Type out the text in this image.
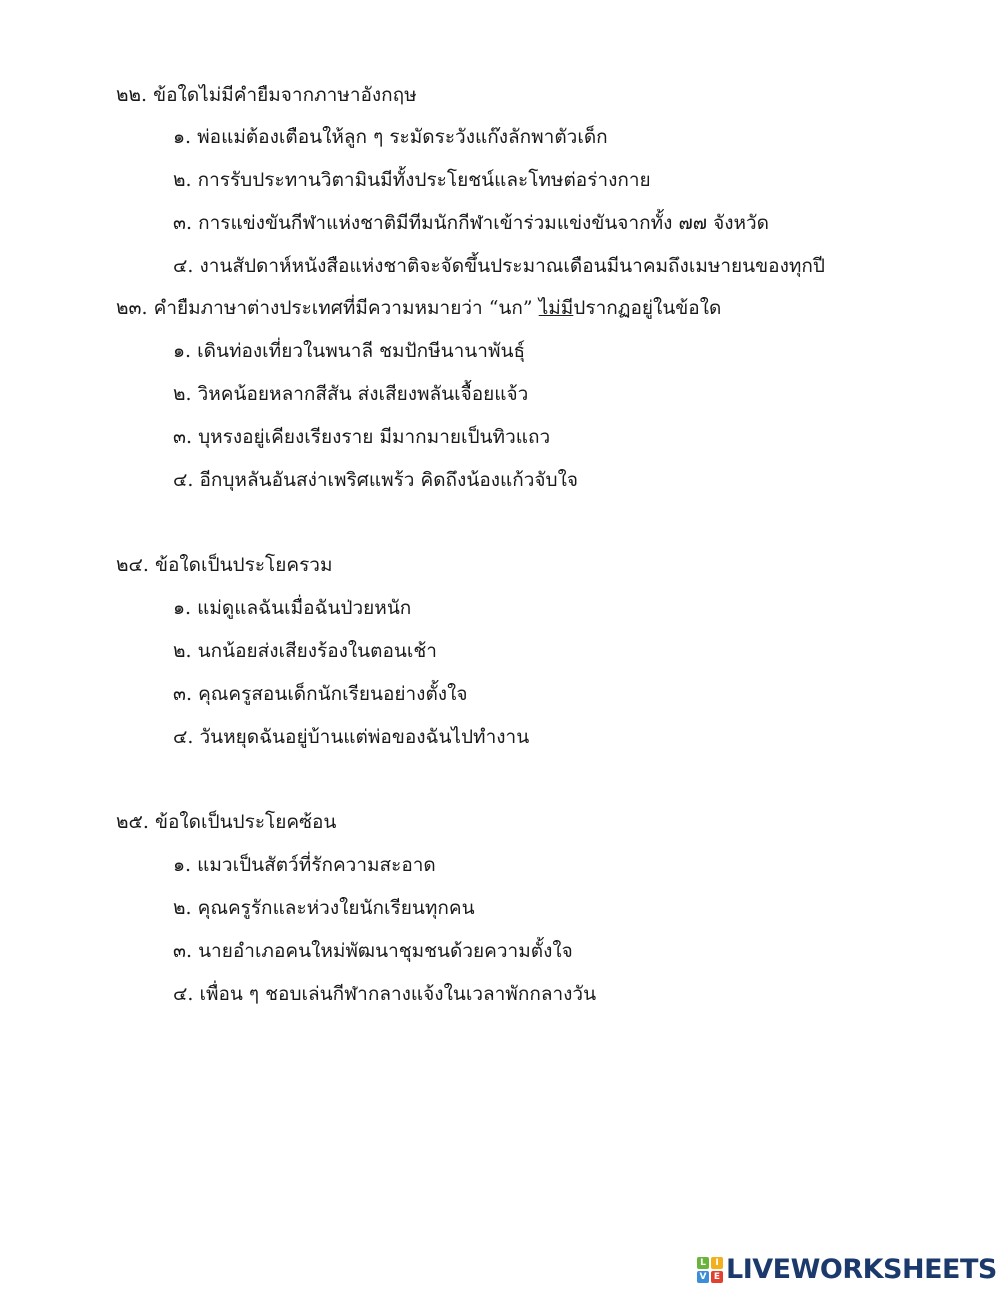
๒๒. ข้อใดไม่มีคำยืมจากภาษาอังกฤษ
๑. พ่อแม่ต้องเตือนให้ลูก ๆ ระมัดระวังแก๊งลักพาตัวเด็ก
๒. การรับประทานวิตามินมีทั้งประโยชน์และโทษต่อร่างกาย
๓. การแข่งขันกีฬาแห่งชาติมีทีมนักกีฬาเข้าร่วมแข่งขันจากทั้ง ๗๗ จังหวัด
๔. งานสัปดาห์หนังสือแห่งชาติจะจัดขึ้นประมาณเดือนมีนาคมถึงเมษายนของทุกปี
๒๓. คำยืมภาษาต่างประเทศที่มีความหมายว่า “นก” ไม่มีปรากฏอยู่ในข้อใด
๑. เดินท่องเที่ยวในพนาลี ชมปักษีนานาพันธุ์
๒. วิหคน้อยหลากสีสัน ส่งเสียงพลันเจื้อยแจ้ว
๓. บุหรงอยู่เคียงเรียงราย มีมากมายเป็นทิวแถว
๔. อีกบุหลันอันสง่าเพริศแพร้ว คิดถึงน้องแก้วจับใจ
๒๔. ข้อใดเป็นประโยครวม
๑. แม่ดูแลฉันเมื่อฉันป่วยหนัก
๒. นกน้อยส่งเสียงร้องในตอนเช้า
๓. คุณครูสอนเด็กนักเรียนอย่างตั้งใจ
๔. วันหยุดฉันอยู่บ้านแต่พ่อของฉันไปทำงาน
๒๕. ข้อใดเป็นประโยคซ้อน
๑. แมวเป็นสัตว์ที่รักความสะอาด
๒. คุณครูรักและห่วงใยนักเรียนทุกคน
๓. นายอำเภอคนใหม่พัฒนาชุมชนด้วยความตั้งใจ
๔. เพื่อน ๆ ชอบเล่นกีฬากลางแจ้งในเวลาพักกลางวัน
L	I
V E LIVEWORKSHEETS
